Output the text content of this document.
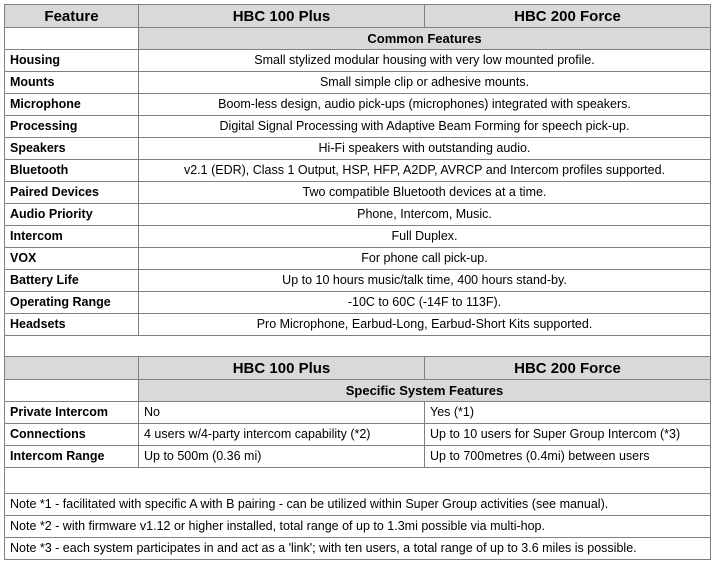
Feature	HBC 100 Plus	HBC 200 Force
	Common Features	
Housing	Small stylized modular housing with very low mounted profile.	
Mounts	Small simple clip or adhesive mounts.	
Microphone	Boom-less design, audio pick-ups (microphones) integrated with speakers.	
Processing	Digital Signal Processing with Adaptive Beam Forming for speech pick-up.	
Speakers	Hi-Fi speakers with outstanding audio.	
Bluetooth	v2.1 (EDR), Class 1 Output, HSP, HFP, A2DP, AVRCP and Intercom profiles supported.	
Paired Devices	Two compatible Bluetooth devices at a time.	
Audio Priority	Phone, Intercom, Music.	
Intercom	Full Duplex.	
VOX	For phone call pick-up.	
Battery Life	Up to 10 hours music/talk time, 400 hours stand-by.	
Operating Range	-10C to 60C (-14F to 113F).	
Headsets	Pro Microphone, Earbud-Long, Earbud-Short Kits supported.	

	HBC 100 Plus	HBC 200 Force
	Specific System Features	
Private Intercom	No	Yes (*1)
Connections	4 users w/4-party intercom capability (*2)	Up to 10 users for Super Group Intercom (*3)
Intercom Range	Up to 500m (0.36 mi)	Up to 700metres (0.4mi) between users

Note *1 - facilitated with specific A with B pairing - can be utilized within Super Group activities (see manual).		
Note *2 - with firmware v1.12 or higher installed, total range of up to 1.3mi possible via multi-hop.		
Note *3 - each system participates in and act as a 'link'; with ten users, a total range of up to 3.6 miles is possible.		
